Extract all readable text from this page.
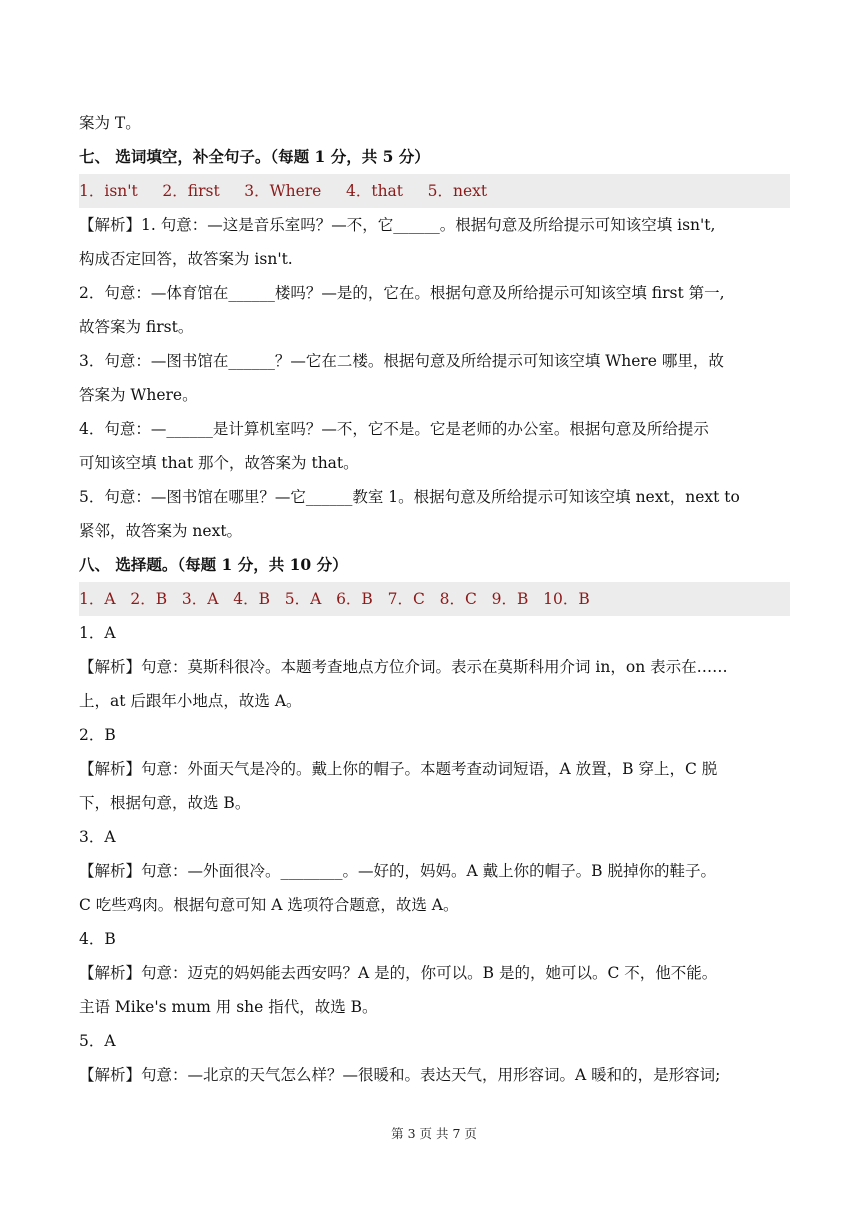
案为 T。
七、 选词填空，补全句子。（每题 1 分，共 5 分）
1．isn't     2．first     3．Where     4．that     5．next
【解析】1. 句意：—这是音乐室吗？—不，它______。根据句意及所给提示可知该空填 isn't,
构成否定回答，故答案为 isn't.
2．句意：—体育馆在______楼吗？—是的，它在。根据句意及所给提示可知该空填 first 第一,
故答案为 first。
3．句意：—图书馆在______？—它在二楼。根据句意及所给提示可知该空填 Where 哪里，故
答案为 Where。
4．句意：—______是计算机室吗？—不，它不是。它是老师的办公室。根据句意及所给提示
可知该空填 that 那个，故答案为 that。
5．句意：—图书馆在哪里？—它______教室 1。根据句意及所给提示可知该空填 next，next to
紧邻，故答案为 next。
八、 选择题。（每题 1 分，共 10 分）
1．A   2．B   3．A   4．B   5．A   6．B   7．C   8．C   9．B   10．B
1．A
【解析】句意：莫斯科很冷。本题考查地点方位介词。表示在莫斯科用介词 in，on 表示在……
上，at 后跟年小地点，故选 A。
2．B
【解析】句意：外面天气是冷的。戴上你的帽子。本题考查动词短语，A 放置，B 穿上，C 脱
下，根据句意，故选 B。
3．A
【解析】句意：—外面很冷。________。—好的，妈妈。A 戴上你的帽子。B 脱掉你的鞋子。
C 吃些鸡肉。根据句意可知 A 选项符合题意，故选 A。
4．B
【解析】句意：迈克的妈妈能去西安吗？A 是的，你可以。B 是的，她可以。C 不，他不能。
主语 Mike's mum 用 she 指代，故选 B。
5．A
【解析】句意：—北京的天气怎么样？—很暖和。表达天气，用形容词。A 暖和的，是形容词;
第 3 页 共 7 页
